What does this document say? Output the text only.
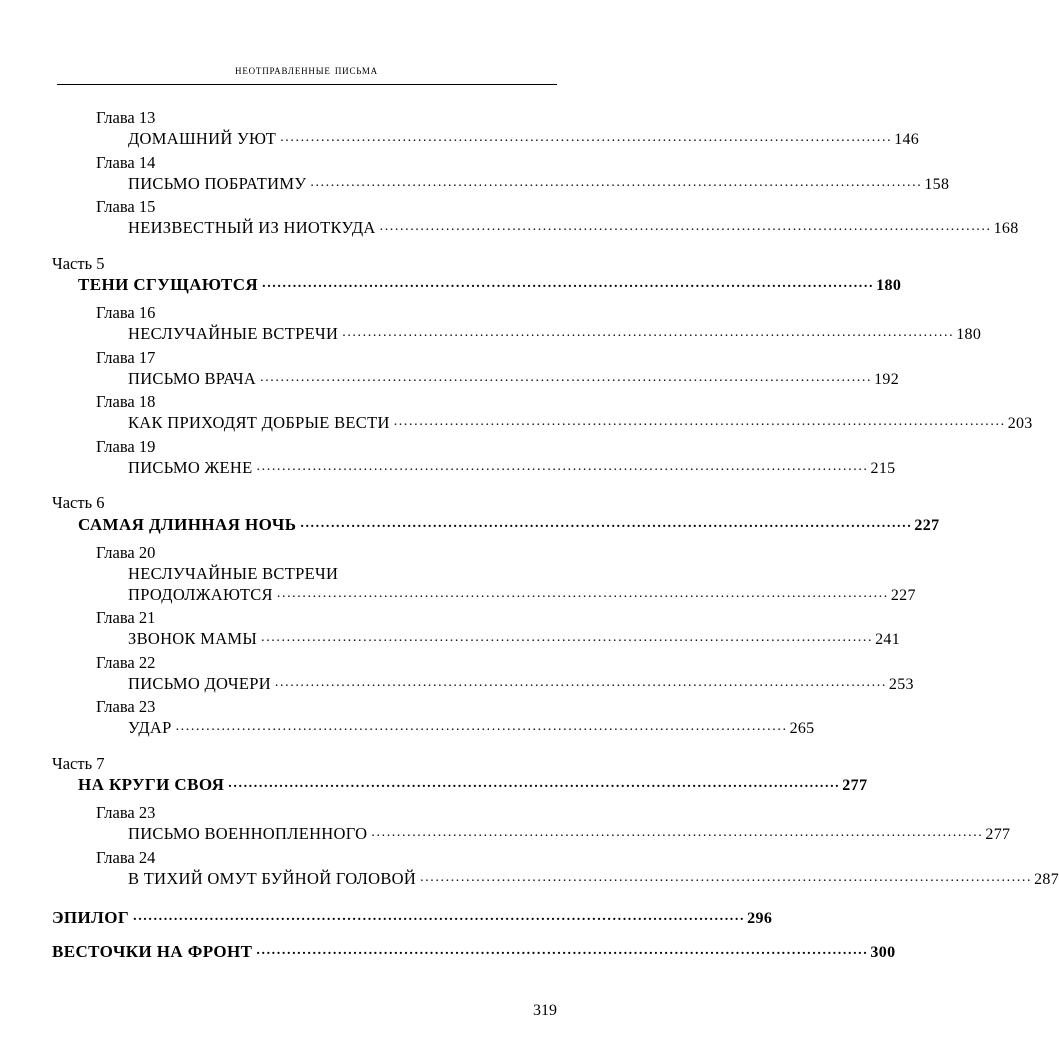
неотправленные письма
Глава 13
ДОМАШНИЙ УЮТ .....	146
Глава 14
ПИСЬМО ПОБРАТИМУ .....	158
Глава 15
НЕИЗВЕСТНЫЙ ИЗ НИОТКУДА .....	168
Часть 5
ТЕНИ СГУЩАЮТСЯ .....	180
Глава 16
НЕСЛУЧАЙНЫЕ ВСТРЕЧИ .....	180
Глава 17
ПИСЬМО ВРАЧА .....	192
Глава 18
КАК ПРИХОДЯТ ДОБРЫЕ ВЕСТИ .....	203
Глава 19
ПИСЬМО ЖЕНЕ .....	215
Часть 6
САМАЯ ДЛИННАЯ НОЧЬ .....	227
Глава 20
НЕСЛУЧАЙНЫЕ ВСТРЕЧИ
ПРОДОЛЖАЮТСЯ .....	227
Глава 21
ЗВОНОК МАМЫ .....	241
Глава 22
ПИСЬМО ДОЧЕРИ .....	253
Глава 23
УДАР .....	265
Часть 7
НА КРУГИ СВОЯ .....	277
Глава 23
ПИСЬМО ВОЕННОПЛЕННОГО .....	277
Глава 24
В ТИХИЙ ОМУТ БУЙНОЙ ГОЛОВОЙ .....	287
ЭПИЛОГ .....	296
ВЕСТОЧКИ НА ФРОНТ .....	300
319
